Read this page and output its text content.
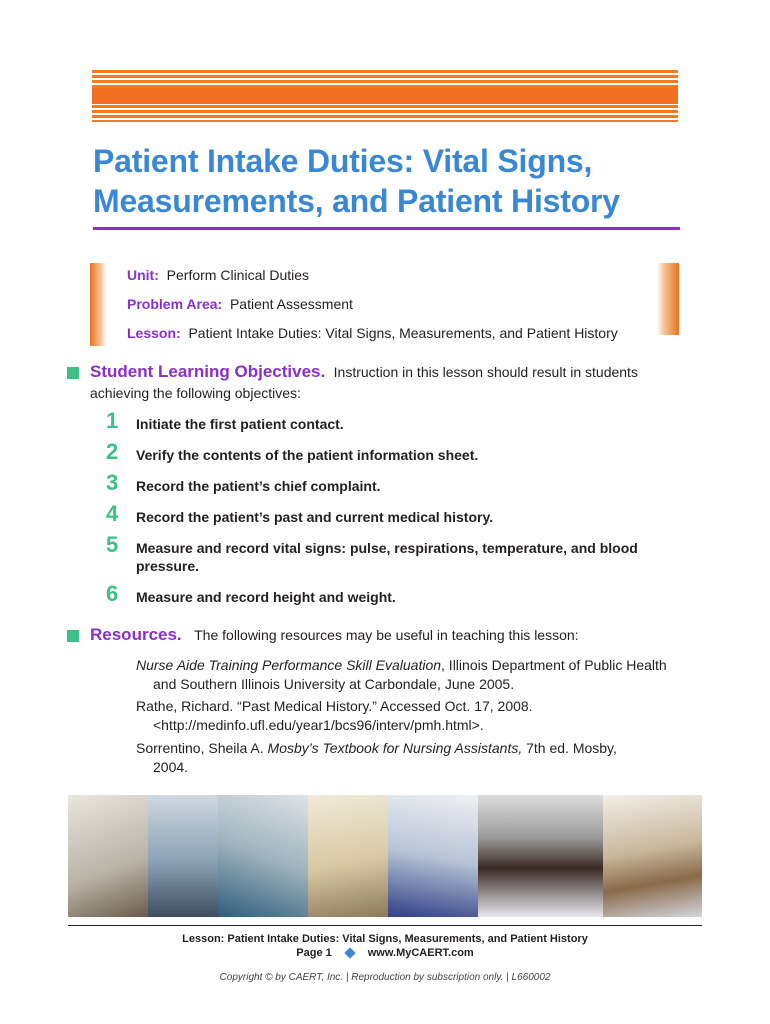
Patient Intake Duties: Vital Signs,
Measurements, and Patient History
Unit: Perform Clinical Duties
Problem Area: Patient Assessment
Lesson: Patient Intake Duties: Vital Signs, Measurements, and Patient History
Student Learning Objectives. Instruction in this lesson should result in students
achieving the following objectives:
1	Initiate the first patient contact.
2	Verify the contents of the patient information sheet.
3	Record the patient’s chief complaint.
4	Record the patient’s past and current medical history.
5	Measure and record vital signs: pulse, respirations, temperature, and blood pressure.
6	Measure and record height and weight.
Resources. The following resources may be useful in teaching this lesson:
Nurse Aide Training Performance Skill Evaluation, Illinois Department of Public Health and Southern Illinois University at Carbondale, June 2005.
Rathe, Richard. “Past Medical History.” Accessed Oct. 17, 2008. <http://medinfo.ufl.edu/year1/bcs96/interv/pmh.html>.
Sorrentino, Sheila A. Mosby’s Textbook for Nursing Assistants, 7th ed. Mosby, 2004.
Lesson: Patient Intake Duties: Vital Signs, Measurements, and Patient History
Page 1	www.MyCAERT.com
Copyright © by CAERT, Inc. | Reproduction by subscription only. | L660002
